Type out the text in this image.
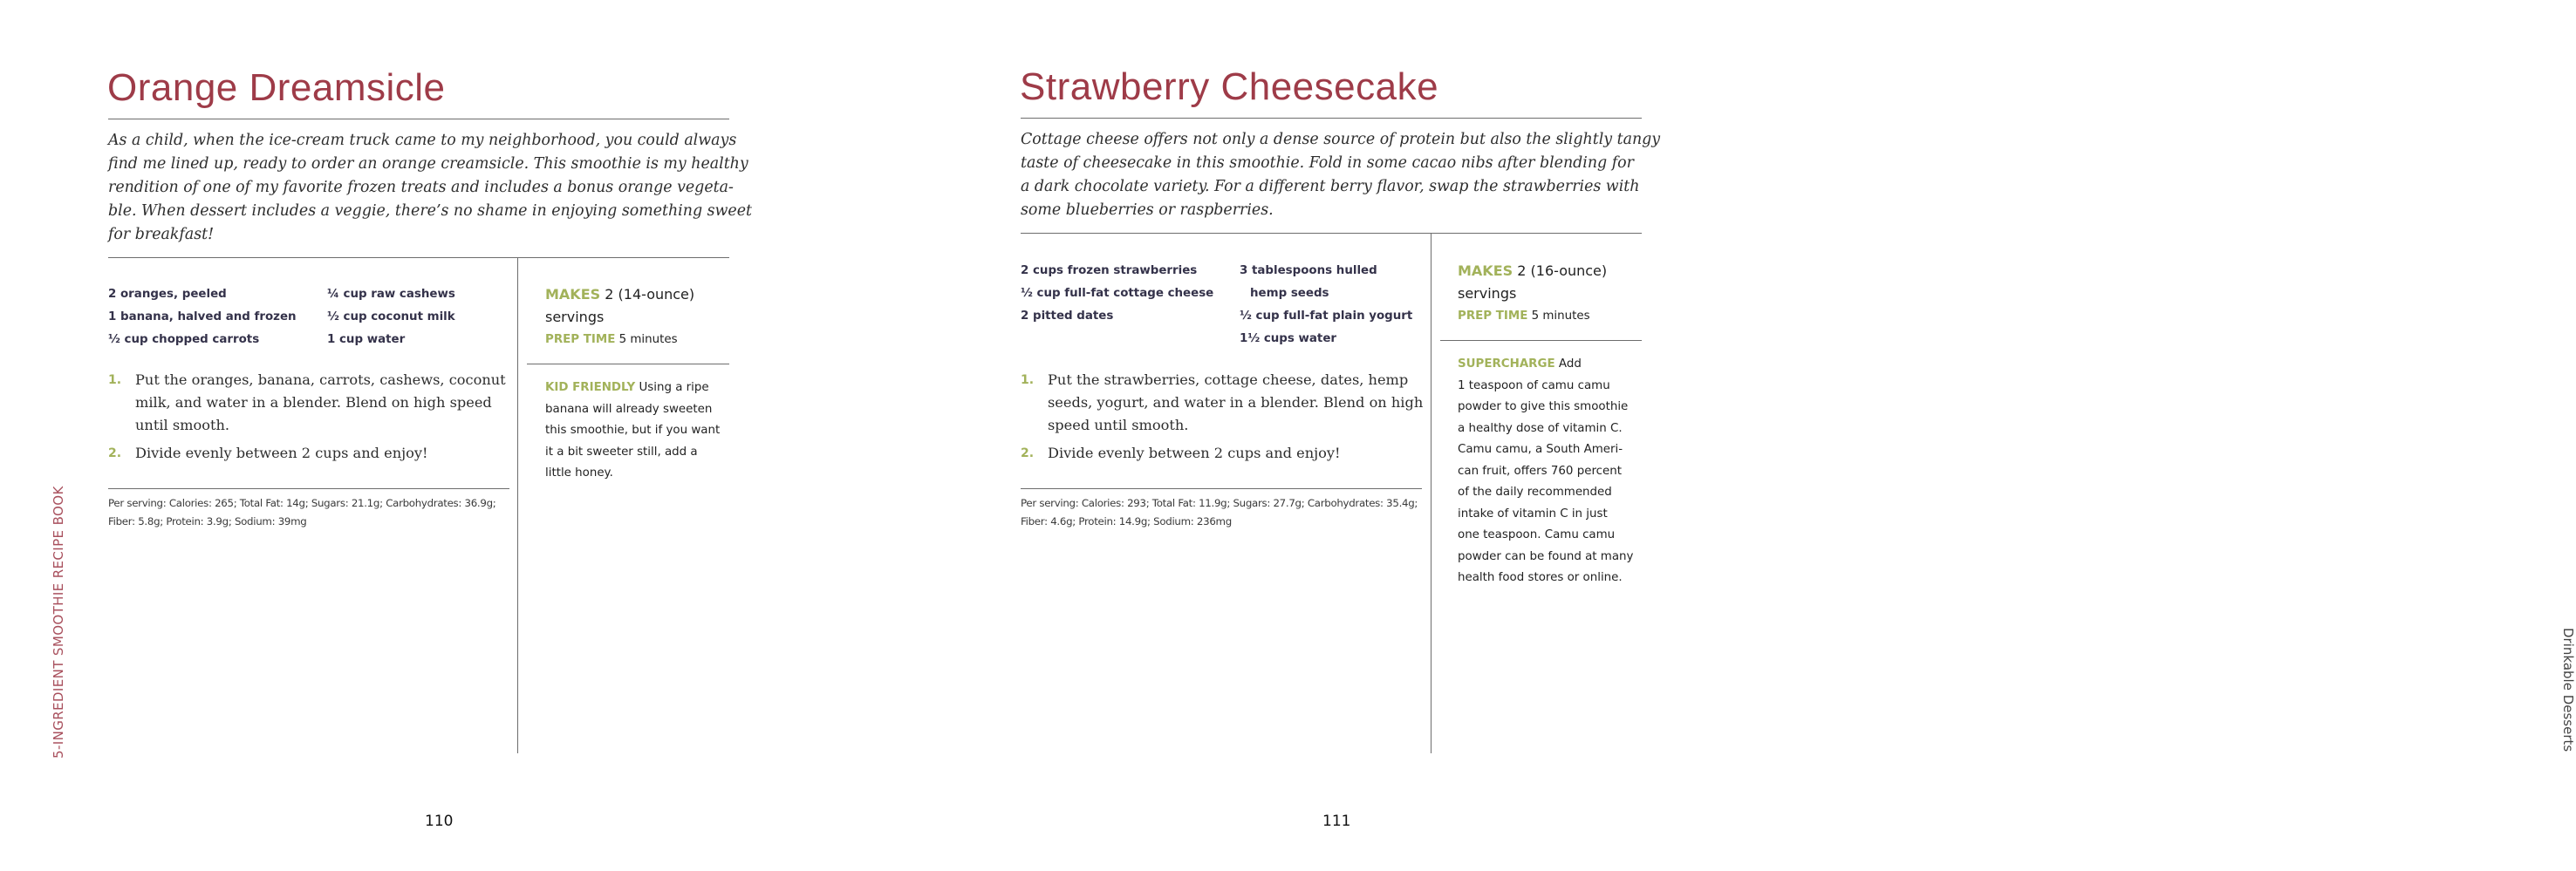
Orange Dreamsicle
As a child, when the ice-cream truck came to my neighborhood, you could always
find me lined up, ready to order an orange creamsicle. This smoothie is my healthy
rendition of one of my favorite frozen treats and includes a bonus orange vegeta-
ble. When dessert includes a veggie, there’s no shame in enjoying something sweet
for breakfast!
2 oranges, peeled
1 banana, halved and frozen
½ cup chopped carrots
¼ cup raw cashews
½ cup coconut milk
1 cup water
1. Put the oranges, banana, carrots, cashews, coconut
milk, and water in a blender. Blend on high speed
until smooth.
2. Divide evenly between 2 cups and enjoy!
Per serving: Calories: 265; Total Fat: 14g; Sugars: 21.1g; Carbohydrates: 36.9g;
Fiber: 5.8g; Protein: 3.9g; Sodium: 39mg
MAKES 2 (14-ounce)
servings
PREP TIME 5 minutes
KID FRIENDLY Using a ripe
banana will already sweeten
this smoothie, but if you want
it a bit sweeter still, add a
little honey.
5-INGREDIENT SMOOTHIE RECIPE BOOK
110
Strawberry Cheesecake
Cottage cheese offers not only a dense source of protein but also the slightly tangy
taste of cheesecake in this smoothie. Fold in some cacao nibs after blending for
a dark chocolate variety. For a different berry flavor, swap the strawberries with
some blueberries or raspberries.
2 cups frozen strawberries
½ cup full-fat cottage cheese
2 pitted dates
3 tablespoons hulled
hemp seeds
½ cup full-fat plain yogurt
1½ cups water
1. Put the strawberries, cottage cheese, dates, hemp
seeds, yogurt, and water in a blender. Blend on high
speed until smooth.
2. Divide evenly between 2 cups and enjoy!
Per serving: Calories: 293; Total Fat: 11.9g; Sugars: 27.7g; Carbohydrates: 35.4g;
Fiber: 4.6g; Protein: 14.9g; Sodium: 236mg
MAKES 2 (16-ounce)
servings
PREP TIME 5 minutes
SUPERCHARGE Add
1 teaspoon of camu camu
powder to give this smoothie
a healthy dose of vitamin C.
Camu camu, a South Ameri-
can fruit, offers 760 percent
of the daily recommended
intake of vitamin C in just
one teaspoon. Camu camu
powder can be found at many
health food stores or online.
Drinkable Desserts
111
